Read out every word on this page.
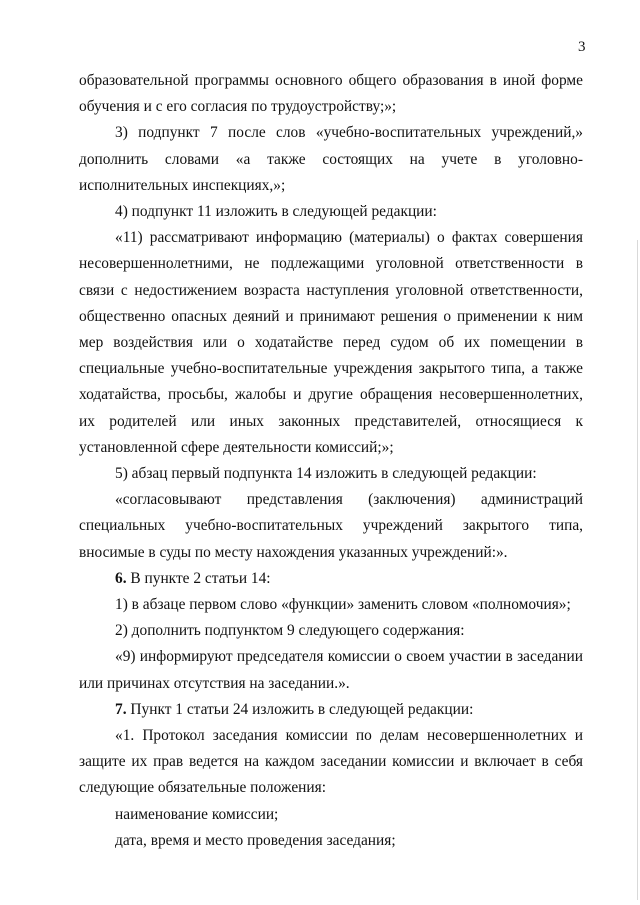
3

образовательной программы основного общего образования в иной форме обучения и с его согласия по трудоустройству;»;

3) подпункт 7 после слов «учебно-воспитательных учреждений,» дополнить словами «а также состоящих на учете в уголовно-исполнительных инспекциях,»;

4) подпункт 11 изложить в следующей редакции:

«11) рассматривают информацию (материалы) о фактах совершения несовершеннолетними, не подлежащими уголовной ответственности в связи с недостижением возраста наступления уголовной ответственности, общественно опасных деяний и принимают решения о применении к ним мер воздействия или о ходатайстве перед судом об их помещении в специальные учебно-воспитательные учреждения закрытого типа, а также ходатайства, просьбы, жалобы и другие обращения несовершеннолетних, их родителей или иных законных представителей, относящиеся к установленной сфере деятельности комиссий;»;

5) абзац первый подпункта 14 изложить в следующей редакции:

«согласовывают представления (заключения) администраций специальных учебно-воспитательных учреждений закрытого типа, вносимые в суды по месту нахождения указанных учреждений:».

6. В пункте 2 статьи 14:

1) в абзаце первом слово «функции» заменить словом «полномочия»;

2) дополнить подпунктом 9 следующего содержания:

«9) информируют председателя комиссии о своем участии в заседании или причинах отсутствия на заседании.».

7. Пункт 1 статьи 24 изложить в следующей редакции:

«1. Протокол заседания комиссии по делам несовершеннолетних и защите их прав ведется на каждом заседании комиссии и включает в себя следующие обязательные положения:

наименование комиссии;

дата, время и место проведения заседания;
